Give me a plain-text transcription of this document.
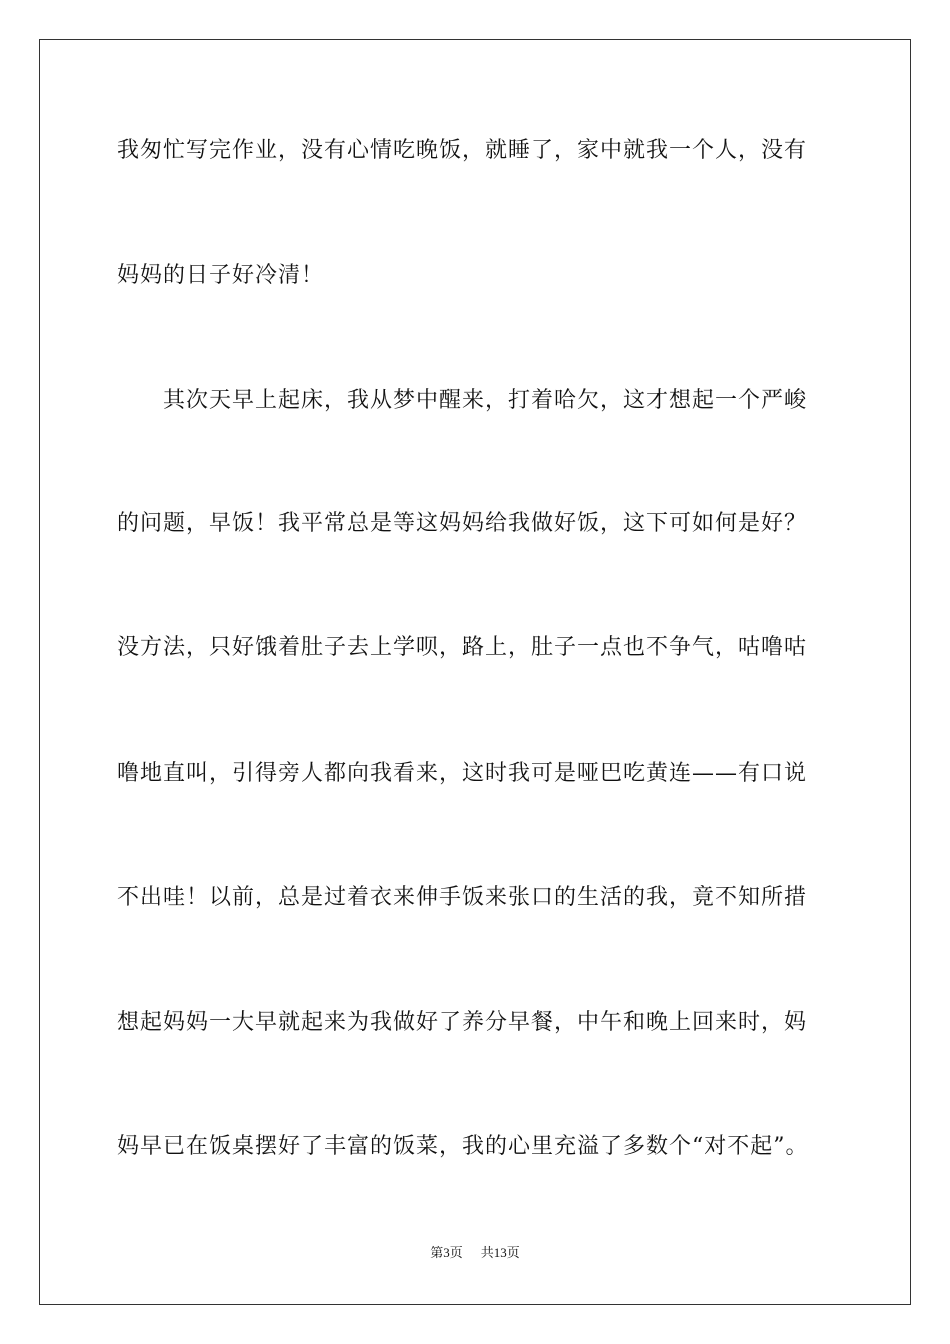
我匆忙写完作业，没有心情吃晚饭，就睡了，家中就我一个人，没有
妈妈的日子好冷清！
　　其次天早上起床，我从梦中醒来，打着哈欠，这才想起一个严峻
的问题，早饭！我平常总是等这妈妈给我做好饭，这下可如何是好？
没方法，只好饿着肚子去上学呗，路上，肚子一点也不争气，咕噜咕
噜地直叫，引得旁人都向我看来，这时我可是哑巴吃黄连——有口说
不出哇！以前，总是过着衣来伸手饭来张口的生活的我，竟不知所措
想起妈妈一大早就起来为我做好了养分早餐，中午和晚上回来时，妈
妈早已在饭桌摆好了丰富的饭菜，我的心里充溢了多数个“对不起”。
第3页 共13页
